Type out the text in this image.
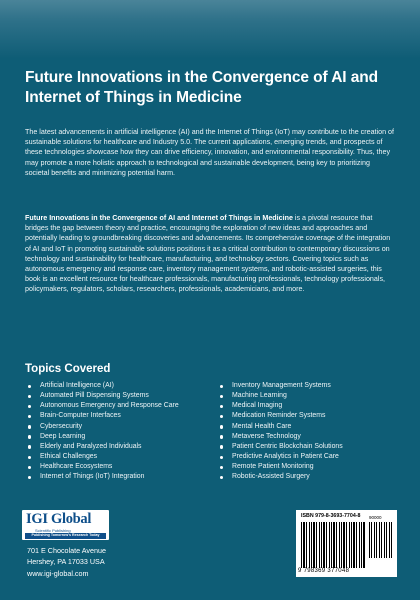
Future Innovations in the Convergence of AI and Internet of Things in Medicine

The latest advancements in artificial intelligence (AI) and the Internet of Things (IoT) may contribute to the creation of sustainable solutions for healthcare and Industry 5.0. The current applications, emerging trends, and prospects of these technologies showcase how they can drive efficiency, innovation, and environmental responsibility. Thus, they may promote a more holistic approach to technological and sustainable development, being key to prioritizing societal benefits and minimizing potential harm.

Future Innovations in the Convergence of AI and Internet of Things in Medicine is a pivotal resource that bridges the gap between theory and practice, encouraging the exploration of new ideas and approaches and potentially leading to groundbreaking discoveries and advancements. Its comprehensive coverage of the integration of AI and IoT in promoting sustainable solutions positions it as a critical contribution to contemporary discussions on technology and sustainability for healthcare, manufacturing, and technology sectors. Covering topics such as autonomous emergency and response care, inventory management systems, and robotic-assisted surgeries, this book is an excellent resource for healthcare professionals, manufacturing professionals, technology professionals, policymakers, regulators, scholars, researchers, professionals, academicians, and more.

Topics Covered
Artificial Intelligence (AI)
Automated Pill Dispensing Systems
Autonomous Emergency and Response Care
Brain-Computer Interfaces
Cybersecurity
Deep Learning
Elderly and Paralyzed Individuals
Ethical Challenges
Healthcare Ecosystems
Internet of Things (IoT) Integration
Inventory Management Systems
Machine Learning
Medical Imaging
Medication Reminder Systems
Mental Health Care
Metaverse Technology
Patient Centric Blockchain Solutions
Predictive Analytics in Patient Care
Remote Patient Monitoring
Robotic-Assisted Surgery
IGI Global
Scientific Publishing
Publishing Tomorrow's Research Today
701 E Chocolate Avenue
Hershey, PA 17033 USA
www.igi-global.com
ISBN 979-8-3693-7704-8 90000
9 798369 377048
